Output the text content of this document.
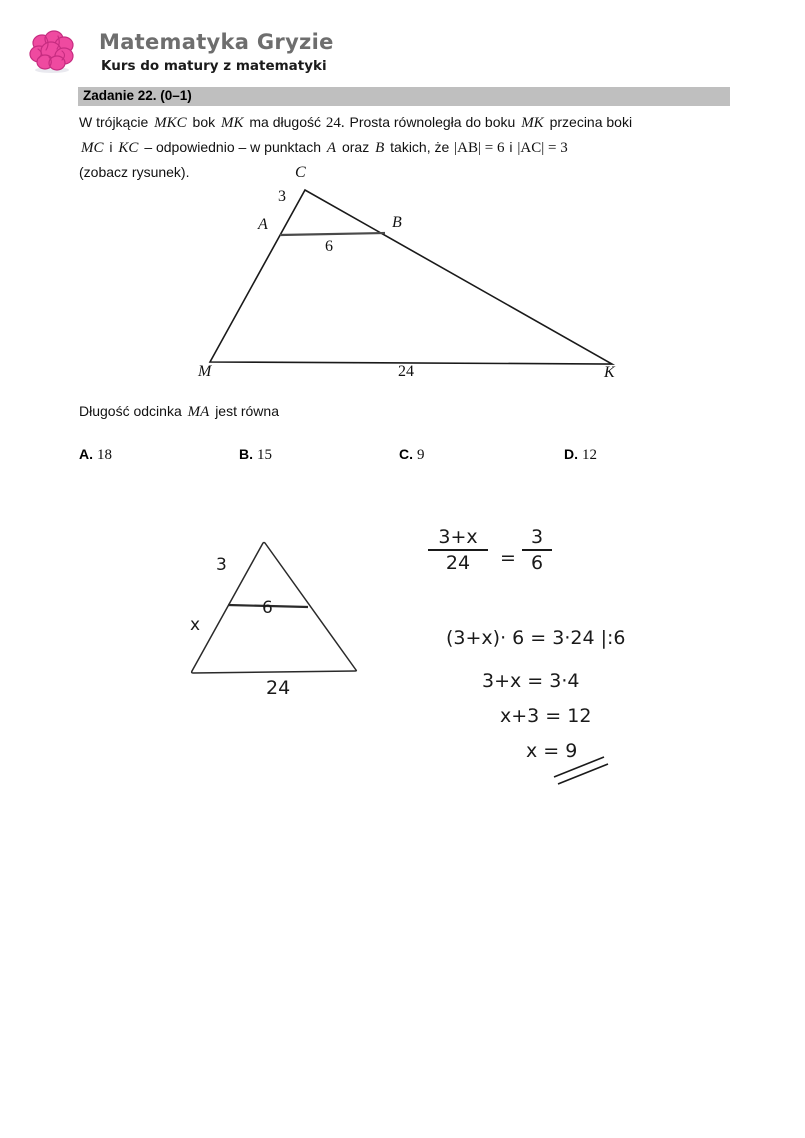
Matematyka Gryzie
Kurs do matury z matematyki
Zadanie 22. (0–1)
W trójkącie MKC bok MK ma długość 24. Prosta równoległa do boku MK przecina boki
MC i KC – odpowiednio – w punktach A oraz B takich, że |AB| = 6 i |AC| = 3
(zobacz rysunek).	C
A	B
M	K
3
6
24
Długość odcinka MA jest równa
A. 18	B. 15	C. 9	D. 12
3
6
x
24
3+x
24	=
3
6
(3+x)· 6 = 3·24 |:6
3+x = 3·4
x+3 = 12
x = 9
